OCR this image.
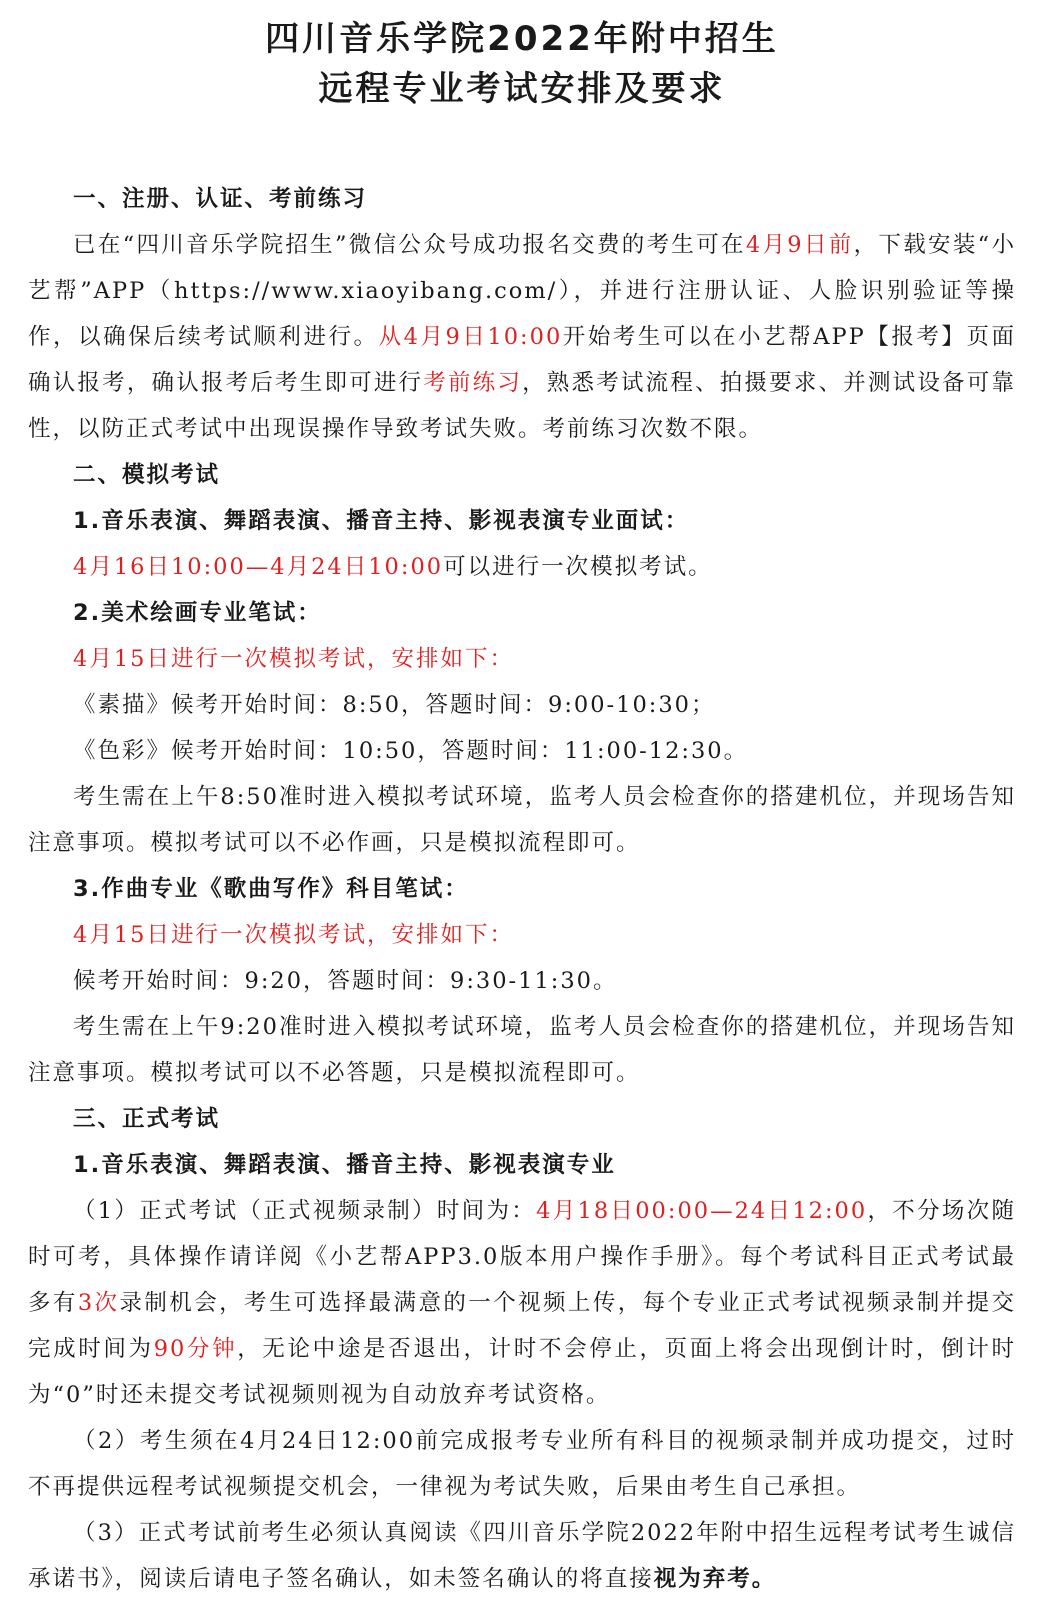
四川音乐学院2022年附中招生
远程专业考试安排及要求

一、注册、认证、考前练习

已在“四川音乐学院招生”微信公众号成功报名交费的考生可在4月9日前，下载安装“小艺帮”APP（https://www.xiaoyibang.com/），并进行注册认证、人脸识别验证等操作，以确保后续考试顺利进行。从4月9日10:00开始考生可以在小艺帮APP【报考】页面确认报考，确认报考后考生即可进行考前练习，熟悉考试流程、拍摄要求、并测试设备可靠性，以防正式考试中出现误操作导致考试失败。考前练习次数不限。

二、模拟考试

1.音乐表演、舞蹈表演、播音主持、影视表演专业面试：

4月16日10:00—4月24日10:00可以进行一次模拟考试。

2.美术绘画专业笔试：

4月15日进行一次模拟考试，安排如下：

《素描》候考开始时间：8:50，答题时间：9:00-10:30；

《色彩》候考开始时间：10:50，答题时间：11:00-12:30。

考生需在上午8:50准时进入模拟考试环境，监考人员会检查你的搭建机位，并现场告知注意事项。模拟考试可以不必作画，只是模拟流程即可。

3.作曲专业《歌曲写作》科目笔试：

4月15日进行一次模拟考试，安排如下：

候考开始时间：9:20，答题时间：9:30-11:30。

考生需在上午9:20准时进入模拟考试环境，监考人员会检查你的搭建机位，并现场告知注意事项。模拟考试可以不必答题，只是模拟流程即可。

三、正式考试

1.音乐表演、舞蹈表演、播音主持、影视表演专业

（1）正式考试（正式视频录制）时间为：4月18日00:00—24日12:00，不分场次随时可考，具体操作请详阅《小艺帮APP3.0版本用户操作手册》。每个考试科目正式考试最多有3次录制机会，考生可选择最满意的一个视频上传，每个专业正式考试视频录制并提交完成时间为90分钟，无论中途是否退出，计时不会停止，页面上将会出现倒计时，倒计时为“0”时还未提交考试视频则视为自动放弃考试资格。

（2）考生须在4月24日12:00前完成报考专业所有科目的视频录制并成功提交，过时不再提供远程考试视频提交机会，一律视为考试失败，后果由考生自己承担。

（3）正式考试前考生必须认真阅读《四川音乐学院2022年附中招生远程考试考生诚信承诺书》，阅读后请电子签名确认，如未签名确认的将直接视为弃考。
